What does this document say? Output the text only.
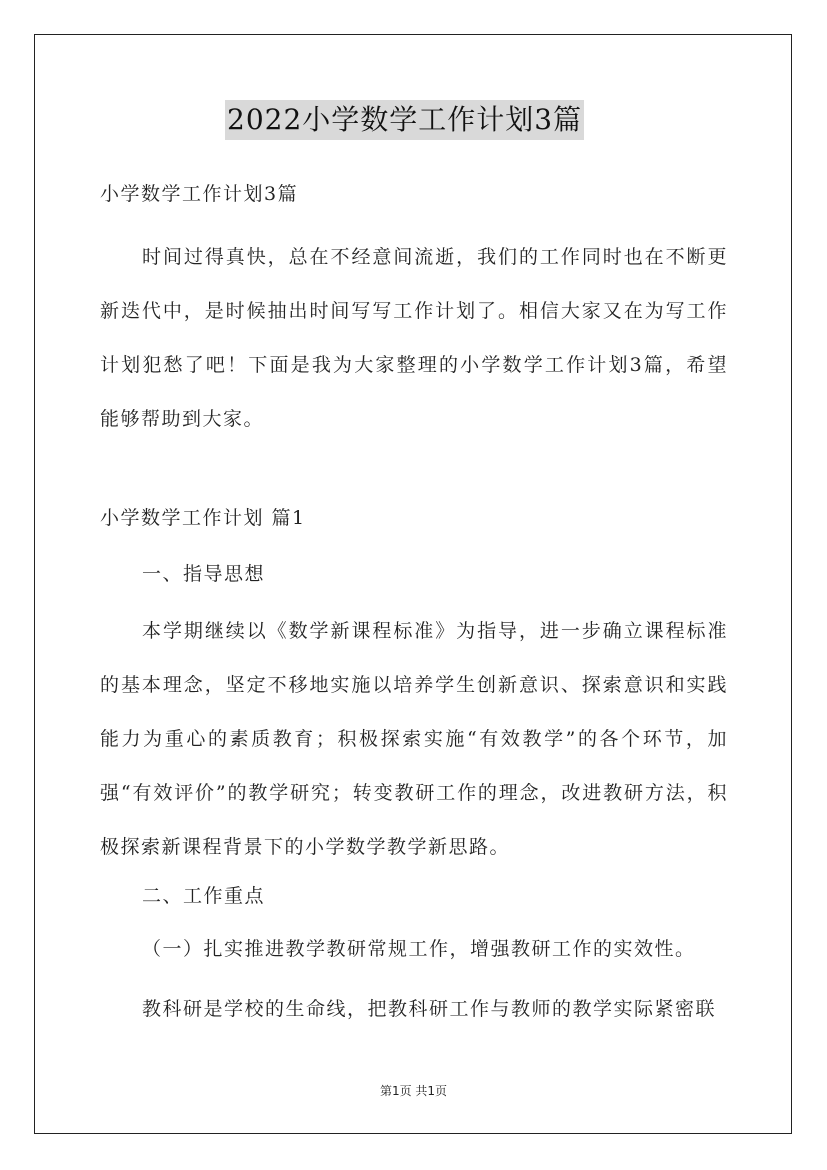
2022小学数学工作计划3篇

小学数学工作计划3篇

时间过得真快，总在不经意间流逝，我们的工作同时也在不断更新迭代中，是时候抽出时间写写工作计划了。相信大家又在为写工作计划犯愁了吧！下面是我为大家整理的小学数学工作计划3篇，希望能够帮助到大家。

小学数学工作计划 篇1

一、指导思想

本学期继续以《数学新课程标准》为指导，进一步确立课程标准的基本理念，坚定不移地实施以培养学生创新意识、探索意识和实践能力为重心的素质教育；积极探索实施“有效教学”的各个环节，加强“有效评价”的教学研究；转变教研工作的理念，改进教研方法，积极探索新课程背景下的小学数学教学新思路。

二、工作重点

（一）扎实推进教学教研常规工作，增强教研工作的实效性。

教科研是学校的生命线，把教科研工作与教师的教学实际紧密联

第1页 共1页
